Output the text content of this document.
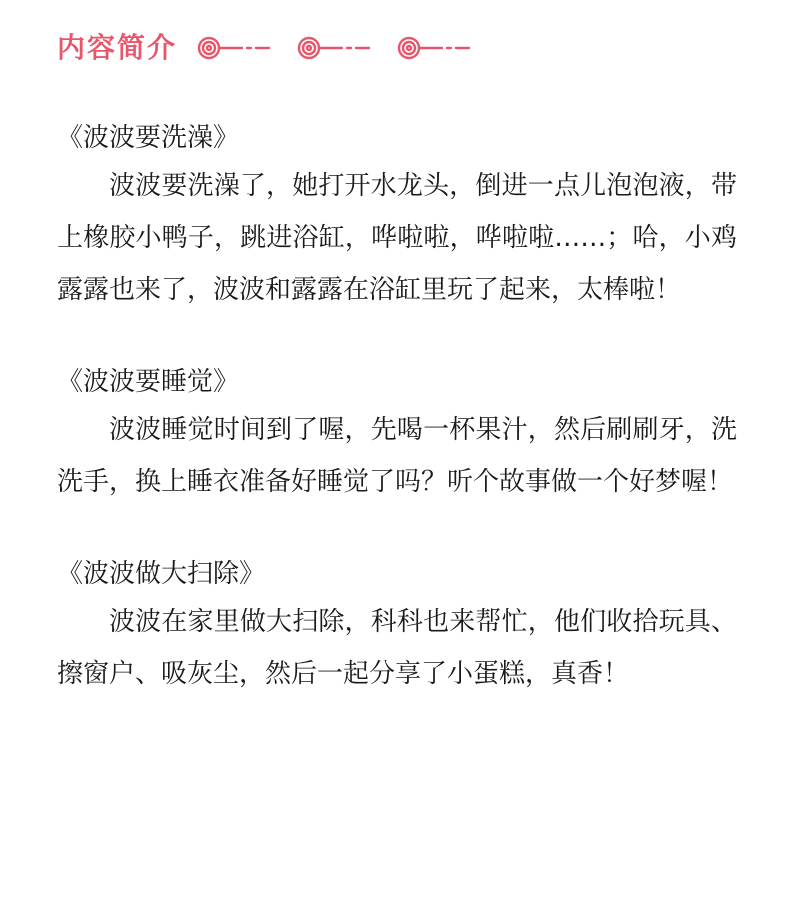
内容简介
《波波要洗澡》

波波要洗澡了，她打开水龙头，倒进一点儿泡泡液，带上橡胶小鸭子，跳进浴缸，哗啦啦，哗啦啦……；哈，小鸡露露也来了，波波和露露在浴缸里玩了起来，太棒啦！

《波波要睡觉》

波波睡觉时间到了喔，先喝一杯果汁，然后刷刷牙，洗洗手，换上睡衣准备好睡觉了吗？听个故事做一个好梦喔！

《波波做大扫除》

波波在家里做大扫除，科科也来帮忙，他们收拾玩具、擦窗户、吸灰尘，然后一起分享了小蛋糕，真香！
